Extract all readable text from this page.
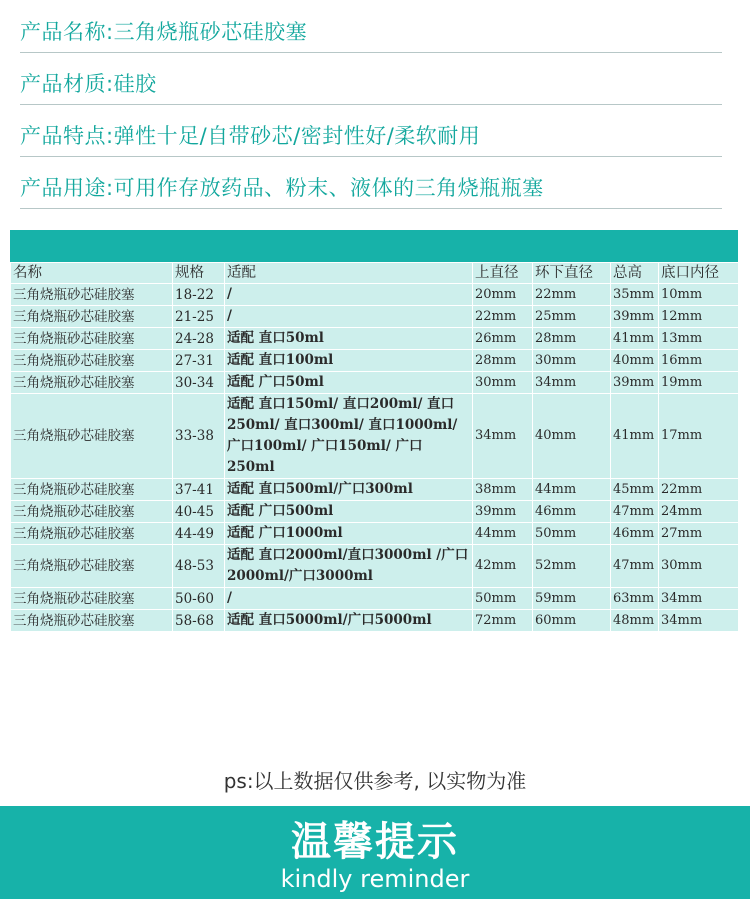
产品名称:三角烧瓶砂芯硅胶塞
产品材质:硅胶
产品特点:弹性十足/自带砂芯/密封性好/柔软耐用
产品用途:可用作存放药品、粉末、液体的三角烧瓶瓶塞
名称	规格	适配	上直径	环下直径	总高	底口内径
三角烧瓶砂芯硅胶塞	18-22	/	20mm	22mm	35mm	10mm
三角烧瓶砂芯硅胶塞	21-25	/	22mm	25mm	39mm	12mm
三角烧瓶砂芯硅胶塞	24-28	适配 直口50ml	26mm	28mm	41mm	13mm
三角烧瓶砂芯硅胶塞	27-31	适配 直口100ml	28mm	30mm	40mm	16mm
三角烧瓶砂芯硅胶塞	30-34	适配 广口50ml	30mm	34mm	39mm	19mm
三角烧瓶砂芯硅胶塞	33-38	适配 直口150ml/ 直口200ml/ 直口250ml/ 直口300ml/ 直口1000ml/ 广口100ml/ 广口150ml/ 广口250ml	34mm	40mm	41mm	17mm
三角烧瓶砂芯硅胶塞	37-41	适配 直口500ml/广口300ml	38mm	44mm	45mm	22mm
三角烧瓶砂芯硅胶塞	40-45	适配 广口500ml	39mm	46mm	47mm	24mm
三角烧瓶砂芯硅胶塞	44-49	适配 广口1000ml	44mm	50mm	46mm	27mm
三角烧瓶砂芯硅胶塞	48-53	适配 直口2000ml/直口3000ml /广口2000ml/广口3000ml	42mm	52mm	47mm	30mm
三角烧瓶砂芯硅胶塞	50-60	/	50mm	59mm	63mm	34mm
三角烧瓶砂芯硅胶塞	58-68	适配 直口5000ml/广口5000ml	72mm	60mm	48mm	34mm
ps:以上数据仅供参考, 以实物为准
温馨提示
kindly reminder
